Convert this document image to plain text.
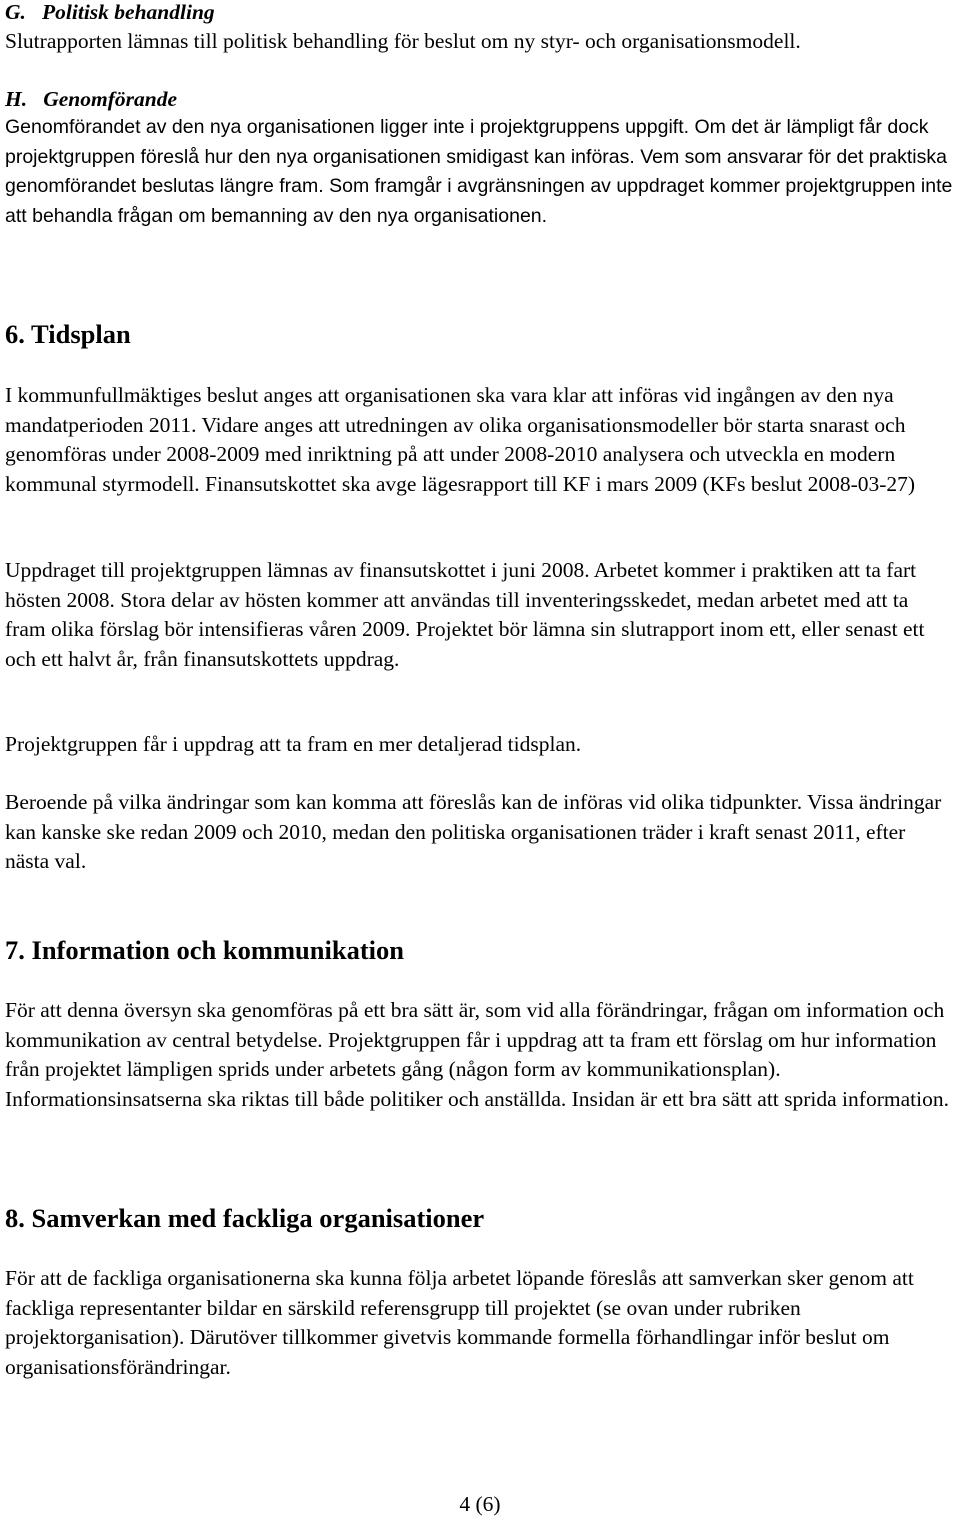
G.   Politisk behandling

Slutrapporten lämnas till politisk behandling för beslut om ny styr- och organisationsmodell.

H.   Genomförande

Genomförandet av den nya organisationen ligger inte i projektgruppens uppgift. Om det är lämpligt får dock projektgruppen föreslå hur den nya organisationen smidigast kan införas. Vem som ansvarar för det praktiska genomförandet beslutas längre fram. Som framgår i avgränsningen av uppdraget kommer projektgruppen inte att behandla frågan om bemanning av den nya organisationen.

6. Tidsplan

I kommunfullmäktiges beslut anges att organisationen ska vara klar att införas vid ingången av den nya mandatperioden 2011. Vidare anges att utredningen av olika organisationsmodeller bör starta snarast och genomföras under 2008-2009 med inriktning på att under 2008-2010 analysera och utveckla en modern kommunal styrmodell. Finansutskottet ska avge lägesrapport till KF i mars 2009 (KFs beslut 2008-03-27)

Uppdraget till projektgruppen lämnas av finansutskottet i juni 2008. Arbetet kommer i praktiken att ta fart hösten 2008. Stora delar av hösten kommer att användas till inventeringsskedet, medan arbetet med att ta fram olika förslag bör intensifieras våren 2009. Projektet bör lämna sin slutrapport inom ett, eller senast ett och ett halvt år, från finansutskottets uppdrag.

Projektgruppen får i uppdrag att ta fram en mer detaljerad tidsplan.

Beroende på vilka ändringar som kan komma att föreslås kan de införas vid olika tidpunkter. Vissa ändringar kan kanske ske redan 2009 och 2010, medan den politiska organisationen träder i kraft senast 2011, efter nästa val.

7. Information och kommunikation

För att denna översyn ska genomföras på ett bra sätt är, som vid alla förändringar, frågan om information och kommunikation av central betydelse. Projektgruppen får i uppdrag att ta fram ett förslag om hur information från projektet lämpligen sprids under arbetets gång (någon form av kommunikationsplan). Informationsinsatserna ska riktas till både politiker och anställda. Insidan är ett bra sätt att sprida information.

8. Samverkan med fackliga organisationer

För att de fackliga organisationerna ska kunna följa arbetet löpande föreslås att samverkan sker genom att fackliga representanter bildar en särskild referensgrupp till projektet (se ovan under rubriken projektorganisation). Därutöver tillkommer givetvis kommande formella förhandlingar inför beslut om organisationsförändringar.

4 (6)
